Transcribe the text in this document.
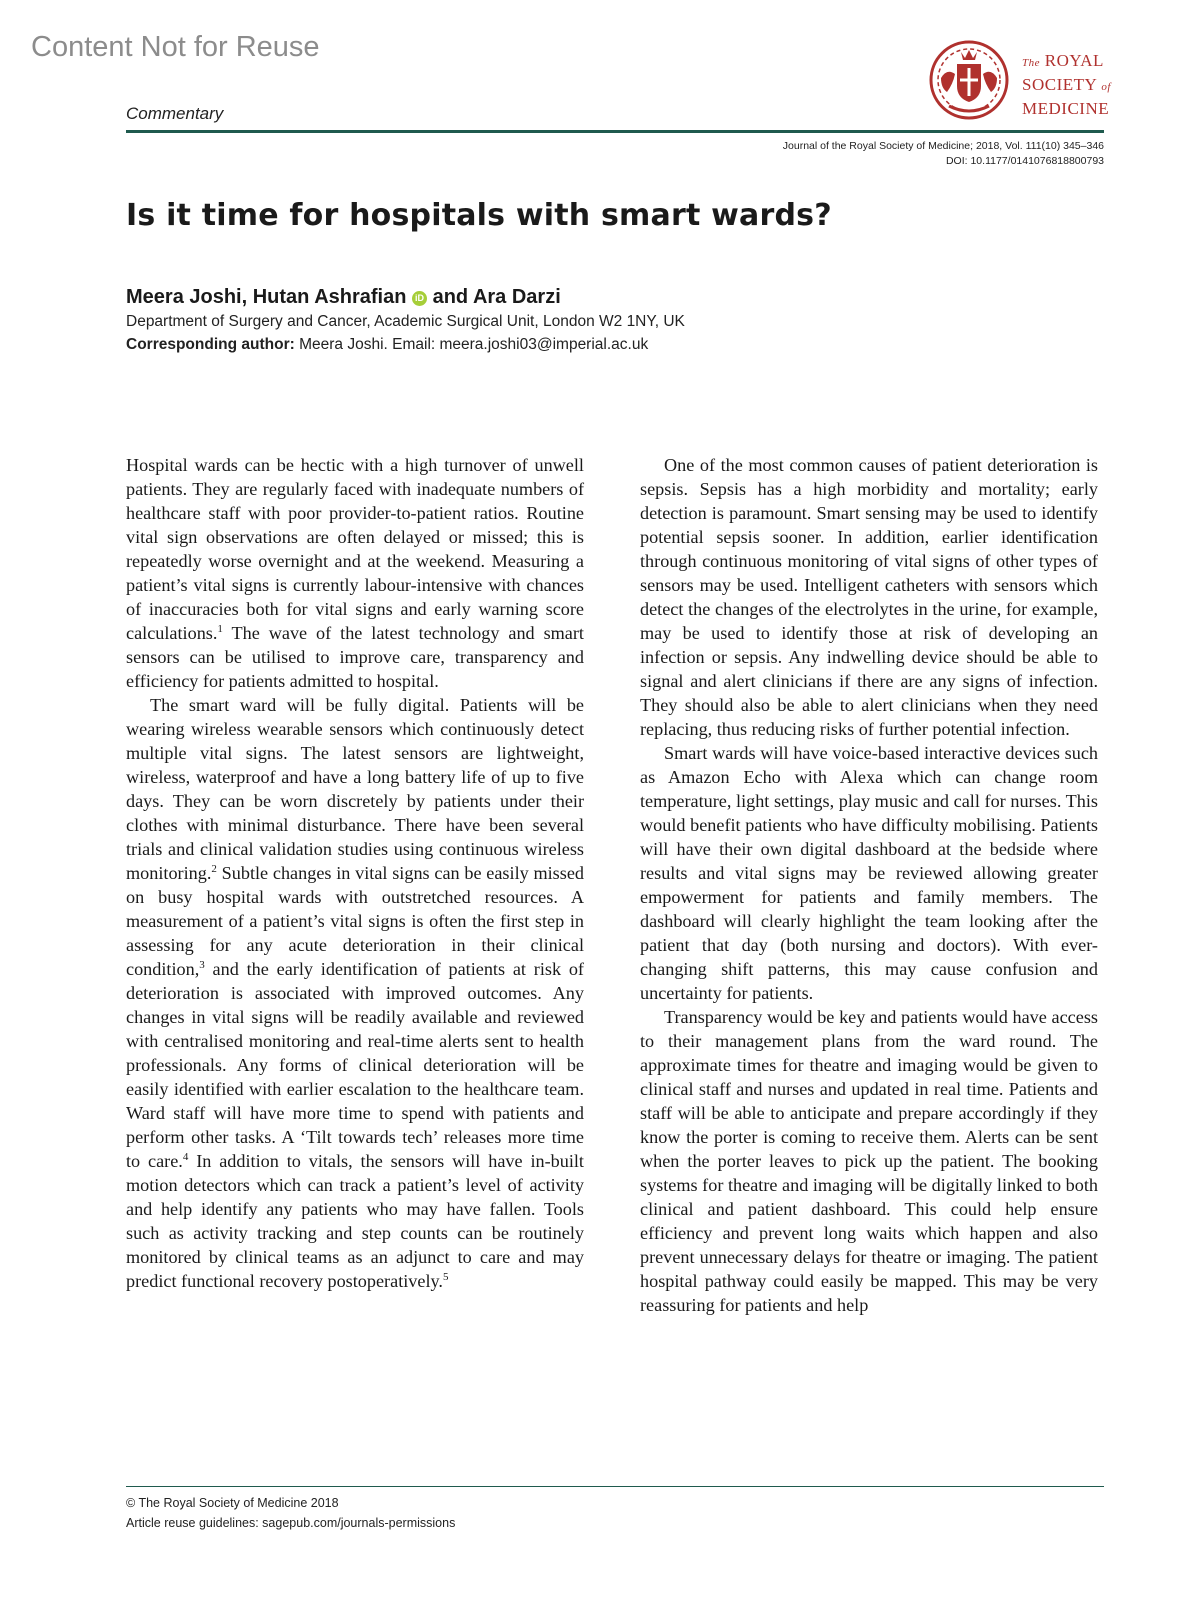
Content Not for Reuse	The ROYAL
SOCIETY of
MEDICINE
Commentary
Journal of the Royal Society of Medicine; 2018, Vol. 111(10) 345–346
DOI: 10.1177/0141076818800793
Is it time for hospitals with smart wards?
Meera Joshi, Hutan Ashrafian iD and Ara Darzi
Department of Surgery and Cancer, Academic Surgical Unit, London W2 1NY, UK
Corresponding author: Meera Joshi. Email: meera.joshi03@imperial.ac.uk

Hospital wards can be hectic with a high turnover of unwell patients. They are regularly faced with inadequate numbers of healthcare staff with poor provider-to-patient ratios. Routine vital sign observations are often delayed or missed; this is repeatedly worse overnight and at the weekend. Measuring a patient’s vital signs is currently labour-intensive with chances of inaccuracies both for vital signs and early warning score calculations.$^1$ The wave of the latest technology and smart sensors can be utilised to improve care, transparency and efficiency for patients admitted to hospital.

The smart ward will be fully digital. Patients will be wearing wireless wearable sensors which continuously detect multiple vital signs. The latest sensors are lightweight, wireless, waterproof and have a long battery life of up to five days. They can be worn discretely by patients under their clothes with minimal disturbance. There have been several trials and clinical validation studies using continuous wireless monitoring.$^2$ Subtle changes in vital signs can be easily missed on busy hospital wards with outstretched resources. A measurement of a patient’s vital signs is often the first step in assessing for any acute deterioration in their clinical condition,$^3$ and the early identification of patients at risk of deterioration is associated with improved outcomes. Any changes in vital signs will be readily available and reviewed with centralised monitoring and real-time alerts sent to health professionals. Any forms of clinical deterioration will be easily identified with earlier escalation to the healthcare team. Ward staff will have more time to spend with patients and perform other tasks. A ‘Tilt towards tech’ releases more time to care.$^4$ In addition to vitals, the sensors will have in-built motion detectors which can track a patient’s level of activity and help identify any patients who may have fallen. Tools such as activity tracking and step counts can be routinely monitored by clinical teams as an adjunct to care and may predict functional recovery postoperatively.$^5$

One of the most common causes of patient deterioration is sepsis. Sepsis has a high morbidity and mortality; early detection is paramount. Smart sensing may be used to identify potential sepsis sooner. In addition, earlier identification through continuous monitoring of vital signs of other types of sensors may be used. Intelligent catheters with sensors which detect the changes of the electrolytes in the urine, for example, may be used to identify those at risk of developing an infection or sepsis. Any indwelling device should be able to signal and alert clinicians if there are any signs of infection. They should also be able to alert clinicians when they need replacing, thus reducing risks of further potential infection.

Smart wards will have voice-based interactive devices such as Amazon Echo with Alexa which can change room temperature, light settings, play music and call for nurses. This would benefit patients who have difficulty mobilising. Patients will have their own digital dashboard at the bedside where results and vital signs may be reviewed allowing greater empowerment for patients and family members. The dashboard will clearly highlight the team looking after the patient that day (both nursing and doctors). With ever-changing shift patterns, this may cause confusion and uncertainty for patients.

Transparency would be key and patients would have access to their management plans from the ward round. The approximate times for theatre and imaging would be given to clinical staff and nurses and updated in real time. Patients and staff will be able to anticipate and prepare accordingly if they know the porter is coming to receive them. Alerts can be sent when the porter leaves to pick up the patient. The booking systems for theatre and imaging will be digitally linked to both clinical and patient dashboard. This could help ensure efficiency and prevent long waits which happen and also prevent unnecessary delays for theatre or imaging. The patient hospital pathway could easily be mapped. This may be very reassuring for patients and help

© The Royal Society of Medicine 2018
Article reuse guidelines: sagepub.com/journals-permissions
